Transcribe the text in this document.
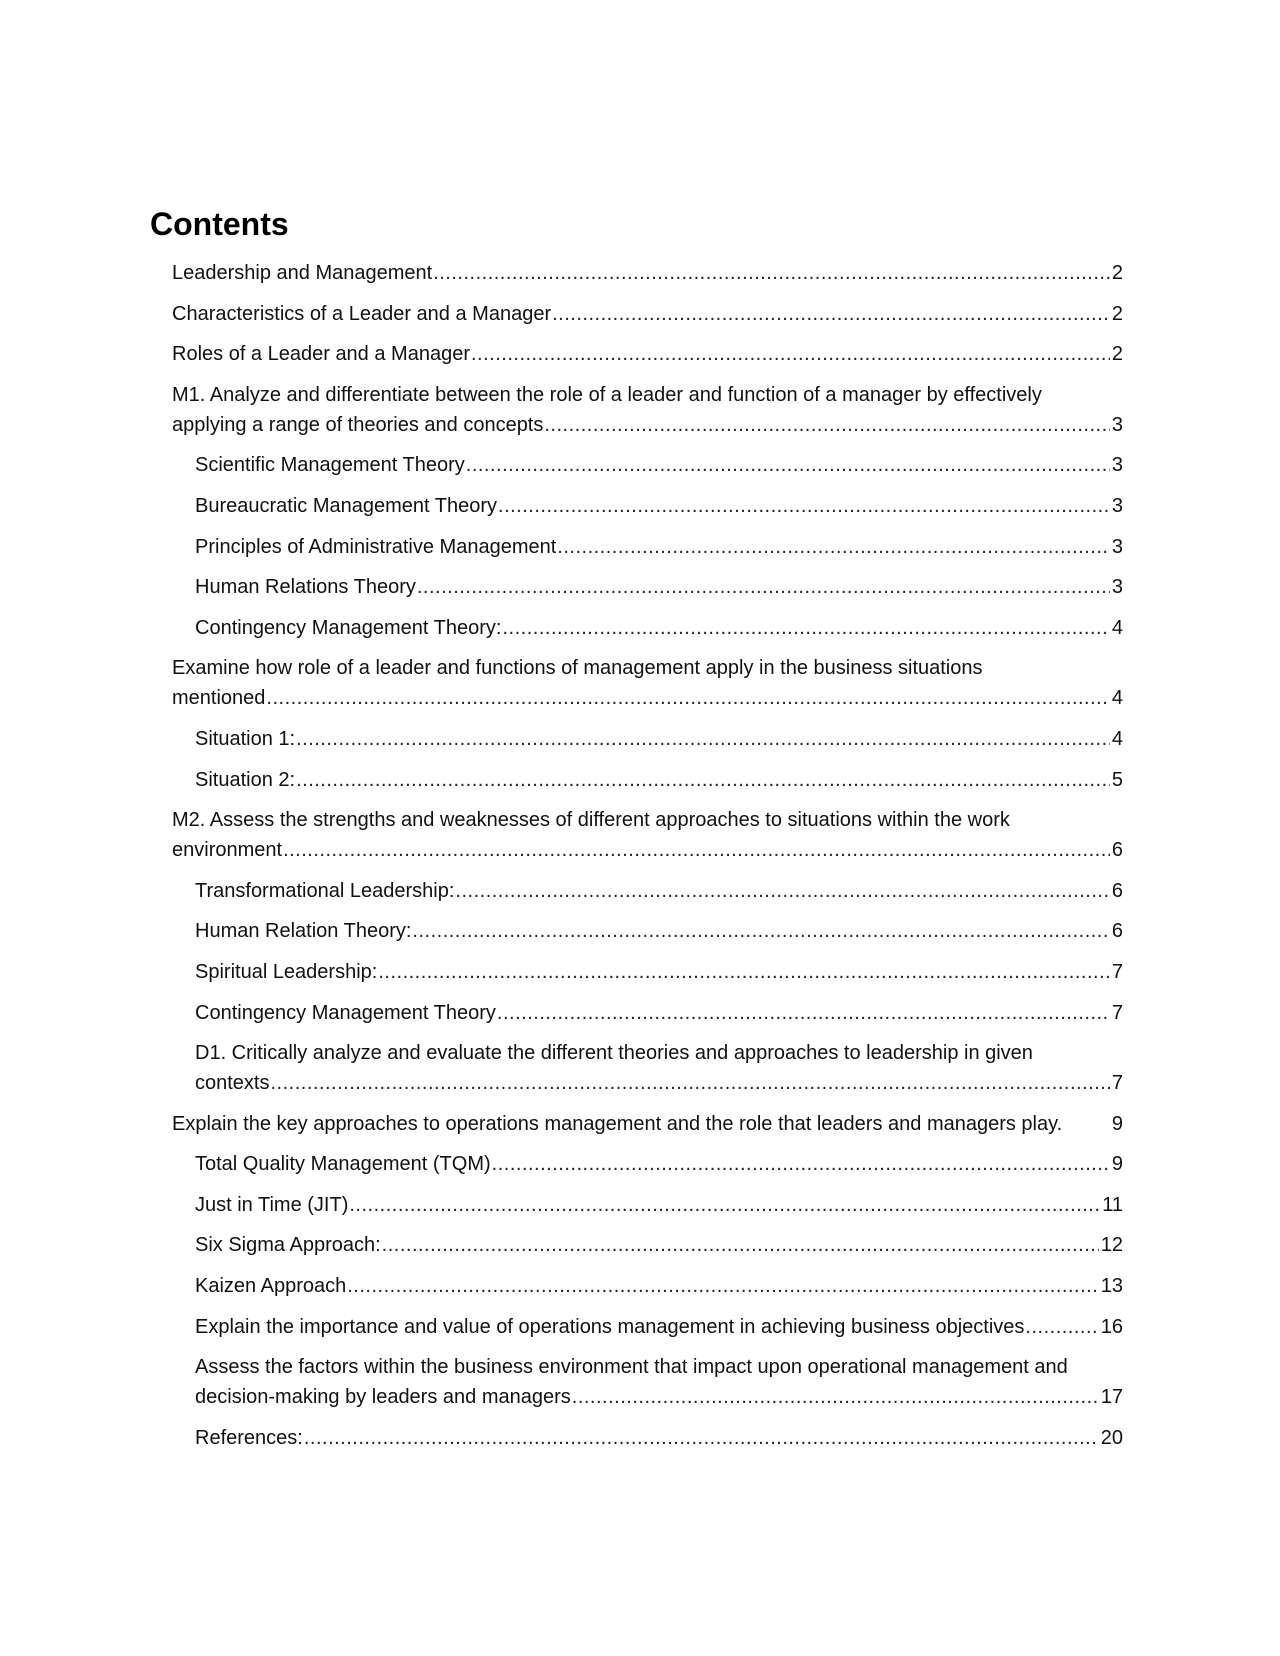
Contents
Leadership and Management .....	2
Characteristics of a Leader and a Manager .....	2
Roles of a Leader and a Manager .....	2
M1. Analyze and differentiate between the role of a leader and function of a manager by effectively
applying a range of theories and concepts .....	3
Scientific Management Theory .....	3
Bureaucratic Management Theory .....	3
Principles of Administrative Management .....	3
Human Relations Theory .....	3
Contingency Management Theory: .....	4
Examine how role of a leader and functions of management apply in the business situations
mentioned .....	4
Situation 1: .....	4
Situation 2: .....	5
M2. Assess the strengths and weaknesses of different approaches to situations within the work
environment .....	6
Transformational Leadership: .....	6
Human Relation Theory: .....	6
Spiritual Leadership: .....	7
Contingency Management Theory .....	7
D1. Critically analyze and evaluate the different theories and approaches to leadership in given
contexts .....	7
Explain the key approaches to operations management and the role that leaders and managers play.	9
Total Quality Management (TQM) .....	9
Just in Time (JIT) .....	11
Six Sigma Approach: .....	12
Kaizen Approach .....	13
Explain the importance and value of operations management in achieving business objectives .....	16
Assess the factors within the business environment that impact upon operational management and
decision-making by leaders and managers .....	17
References: .....	20
